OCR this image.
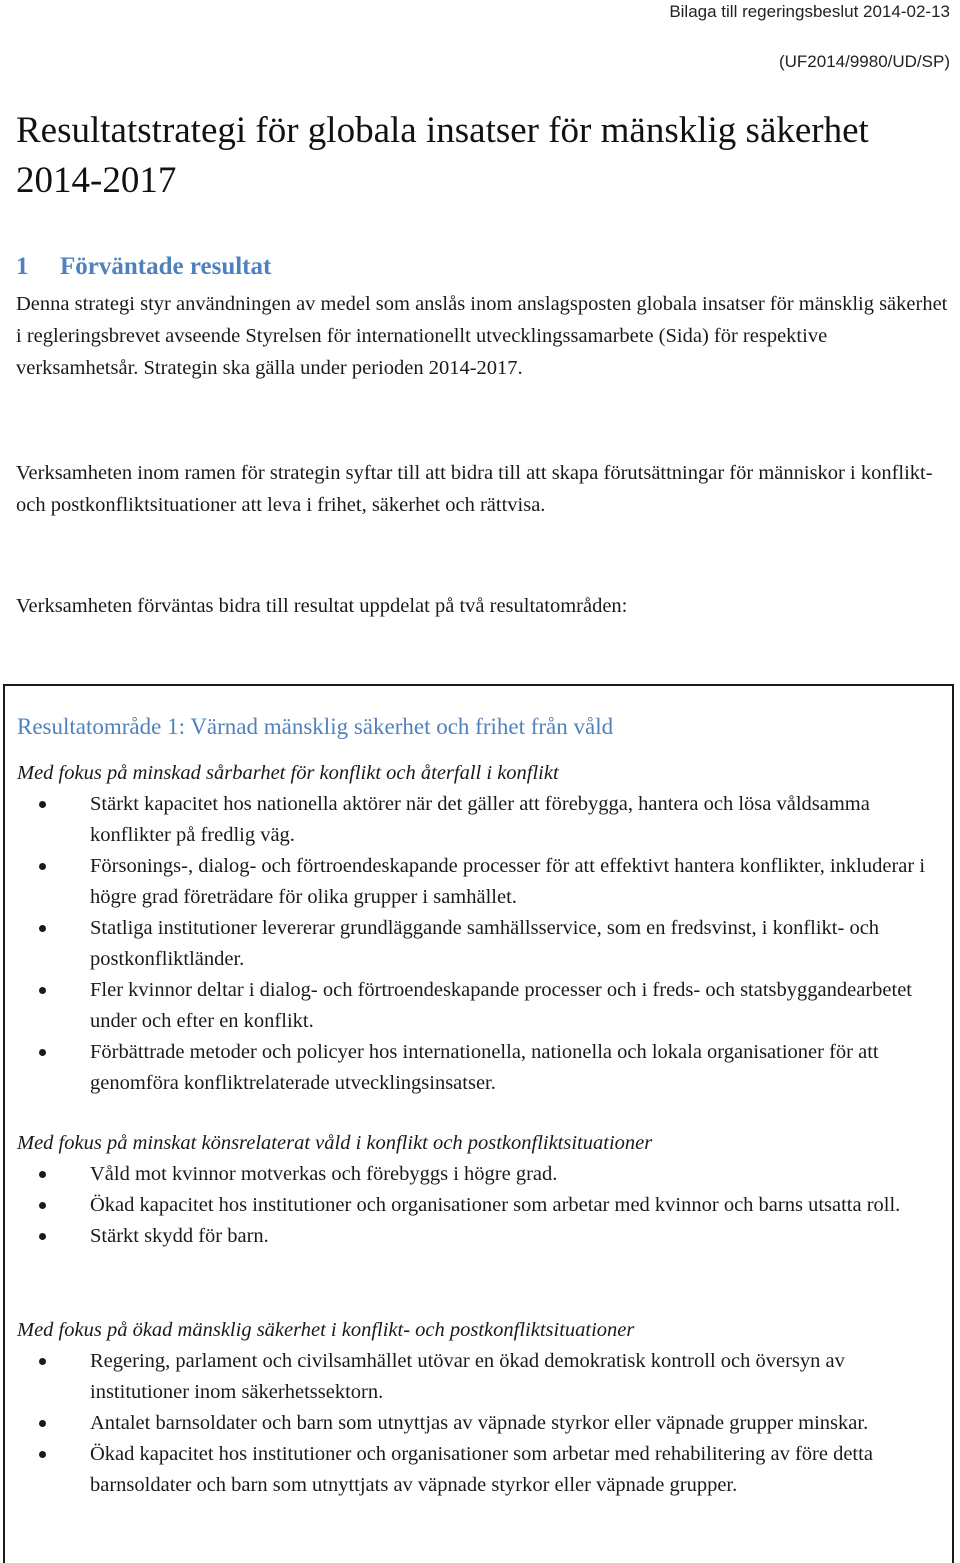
Bilaga till regeringsbeslut 2014-02-13
(UF2014/9980/UD/SP)
Resultatstrategi för globala insatser för mänsklig säkerhet 2014-2017
1 Förväntade resultat

Denna strategi styr användningen av medel som anslås inom anslagsposten globala insatser för mänsklig säkerhet i regleringsbrevet avseende Styrelsen för internationellt utvecklingssamarbete (Sida) för respektive verksamhetsår. Strategin ska gälla under perioden 2014-2017.

Verksamheten inom ramen för strategin syftar till att bidra till att skapa förutsättningar för människor i konflikt- och postkonfliktsituationer att leva i frihet, säkerhet och rättvisa.

Verksamheten förväntas bidra till resultat uppdelat på två resultatområden:

Resultatområde 1: Värnad mänsklig säkerhet och frihet från våld

Med fokus på minskad sårbarhet för konflikt och återfall i konflikt

Stärkt kapacitet hos nationella aktörer när det gäller att förebygga, hantera och lösa våldsamma konflikter på fredlig väg.
Försonings-, dialog- och förtroendeskapande processer för att effektivt hantera konflikter, inkluderar i högre grad företrädare för olika grupper i samhället.
Statliga institutioner levererar grundläggande samhällsservice, som en fredsvinst, i konflikt- och postkonfliktländer.
Fler kvinnor deltar i dialog- och förtroendeskapande processer och i freds- och statsbyggandearbetet under och efter en konflikt.
Förbättrade metoder och policyer hos internationella, nationella och lokala organisationer för att genomföra konfliktrelaterade utvecklingsinsatser.

Med fokus på minskat könsrelaterat våld i konflikt och postkonfliktsituationer

Våld mot kvinnor motverkas och förebyggs i högre grad.
Ökad kapacitet hos institutioner och organisationer som arbetar med kvinnor och barns utsatta roll.
Stärkt skydd för barn.

Med fokus på ökad mänsklig säkerhet i konflikt- och postkonfliktsituationer

Regering, parlament och civilsamhället utövar en ökad demokratisk kontroll och översyn av institutioner inom säkerhetssektorn.
Antalet barnsoldater och barn som utnyttjas av väpnade styrkor eller väpnade grupper minskar.
Ökad kapacitet hos institutioner och organisationer som arbetar med rehabilitering av före detta barnsoldater och barn som utnyttjats av väpnade styrkor eller väpnade grupper.
